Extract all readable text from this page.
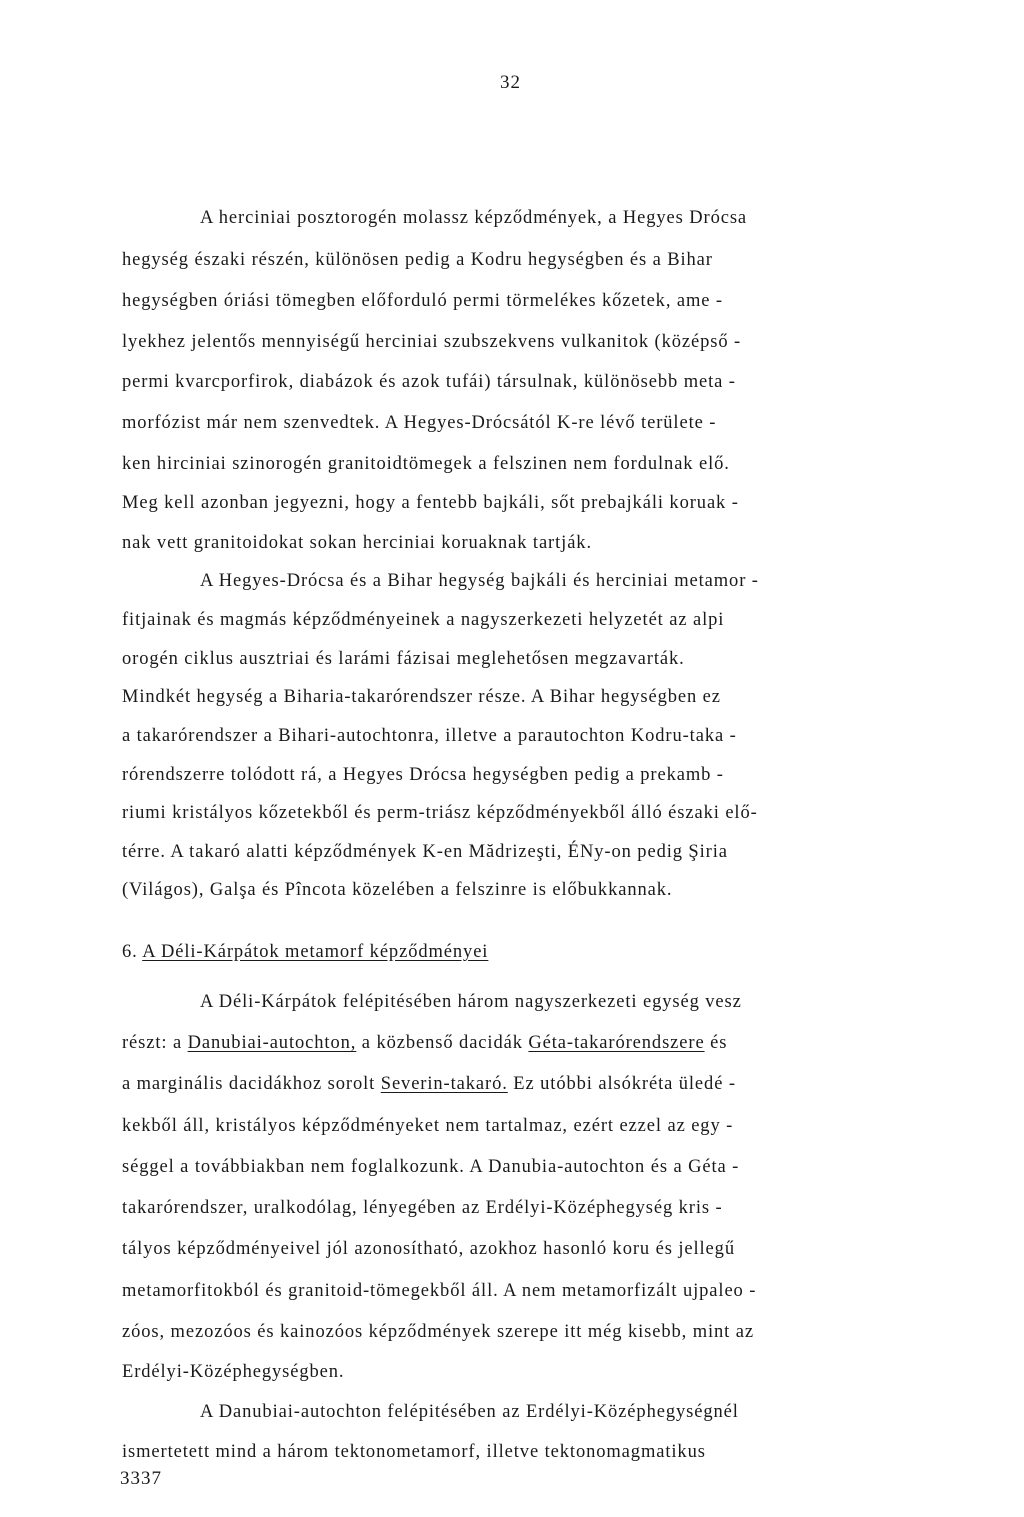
32
A herciniai posztorogén molassz képződmények, a Hegyes Drócsa
hegység északi részén, különösen pedig a Kodru hegységben és a Bihar
hegységben óriási tömegben előforduló permi törmelékes kőzetek, ame -
lyekhez jelentős mennyiségű herciniai szubszekvens vulkanitok (középső -
permi kvarcporfirok, diabázok és azok tufái) társulnak, különösebb meta -
morfózist már nem szenvedtek. A Hegyes-Drócsától K-re lévő területe -
ken hirciniai szinorogén granitoidtömegek a felszinen nem fordulnak elő.
Meg kell azonban jegyezni, hogy a fentebb bajkáli, sőt prebajkáli koruak -
nak vett granitoidokat sokan herciniai koruaknak tartják.
A Hegyes-Drócsa és a Bihar hegység bajkáli és herciniai metamor -
fitjainak és magmás képződményeinek a nagyszerkezeti helyzetét az alpi
orogén ciklus ausztriai és larámi fázisai meglehetősen megzavarták.
Mindkét hegység a Biharia-takarórendszer része. A Bihar hegységben ez
a takarórendszer a Bihari-autochtonra, illetve a parautochton Kodru-taka -
rórendszerre tolódott rá, a Hegyes Drócsa hegységben pedig a prekamb -
riumi kristályos kőzetekből és perm-triász képződményekből álló északi elő-
térre. A takaró alatti képződmények K-en Mădrizeşti, ÉNy-on pedig Şiria
(Világos), Galşa és Pîncota közelében a felszinre is előbukkannak.
6. A Déli-Kárpátok metamorf képződményei
A Déli-Kárpátok felépitésében három nagyszerkezeti egység vesz
részt: a Danubiai-autochton, a közbenső dacidák Géta-takarórendszere és
a marginális dacidákhoz sorolt Severin-takaró. Ez utóbbi alsókréta üledé -
kekből áll, kristályos képződményeket nem tartalmaz, ezért ezzel az egy -
séggel a továbbiakban nem foglalkozunk. A Danubia-autochton és a Géta -
takarórendszer, uralkodólag, lényegében az Erdélyi-Középhegység kris -
tályos képződményeivel jól azonosítható, azokhoz hasonló koru és jellegű
metamorfitokból és granitoid-tömegekből áll. A nem metamorfizált ujpaleo -
zóos, mezozóos és kainozóos képződmények szerepe itt még kisebb, mint az
Erdélyi-Középhegységben.
A Danubiai-autochton felépitésében az Erdélyi-Középhegységnél
ismertetett mind a három tektonometamorf, illetve tektonomagmatikus
3337
